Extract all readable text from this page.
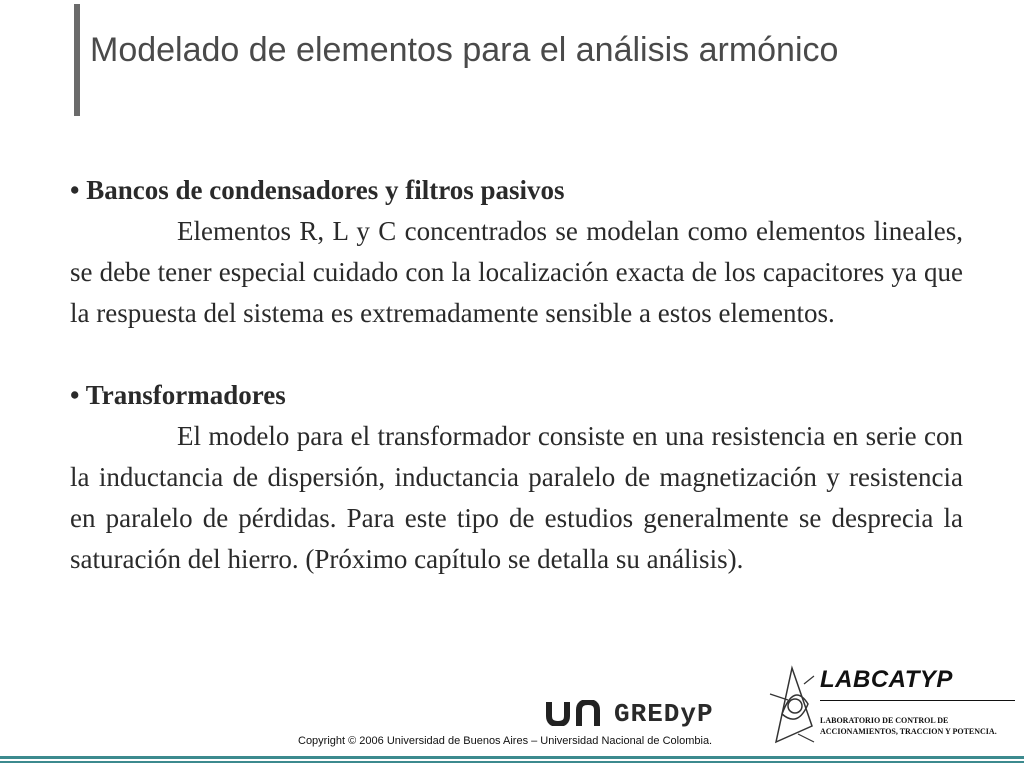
Modelado de elementos para el análisis armónico
• Bancos de condensadores y filtros pasivos

Elementos R, L y C concentrados se modelan como elementos lineales, se debe tener especial cuidado con la localización exacta de los capacitores ya que la respuesta del sistema es extremadamente sensible a estos elementos.

• Transformadores

El modelo para el transformador consiste en una resistencia en serie con la inductancia de dispersión, inductancia paralelo de magnetización y resistencia en paralelo de pérdidas. Para este tipo de estudios generalmente se desprecia la saturación del hierro. (Próximo capítulo se detalla su análisis).

GREDyP
LABCATYP
LABORATORIO DE CONTROL DE
ACCIONAMIENTOS, TRACCION Y POTENCIA.
Copyright © 2006 Universidad de Buenos Aires – Universidad Nacional de Colombia.
